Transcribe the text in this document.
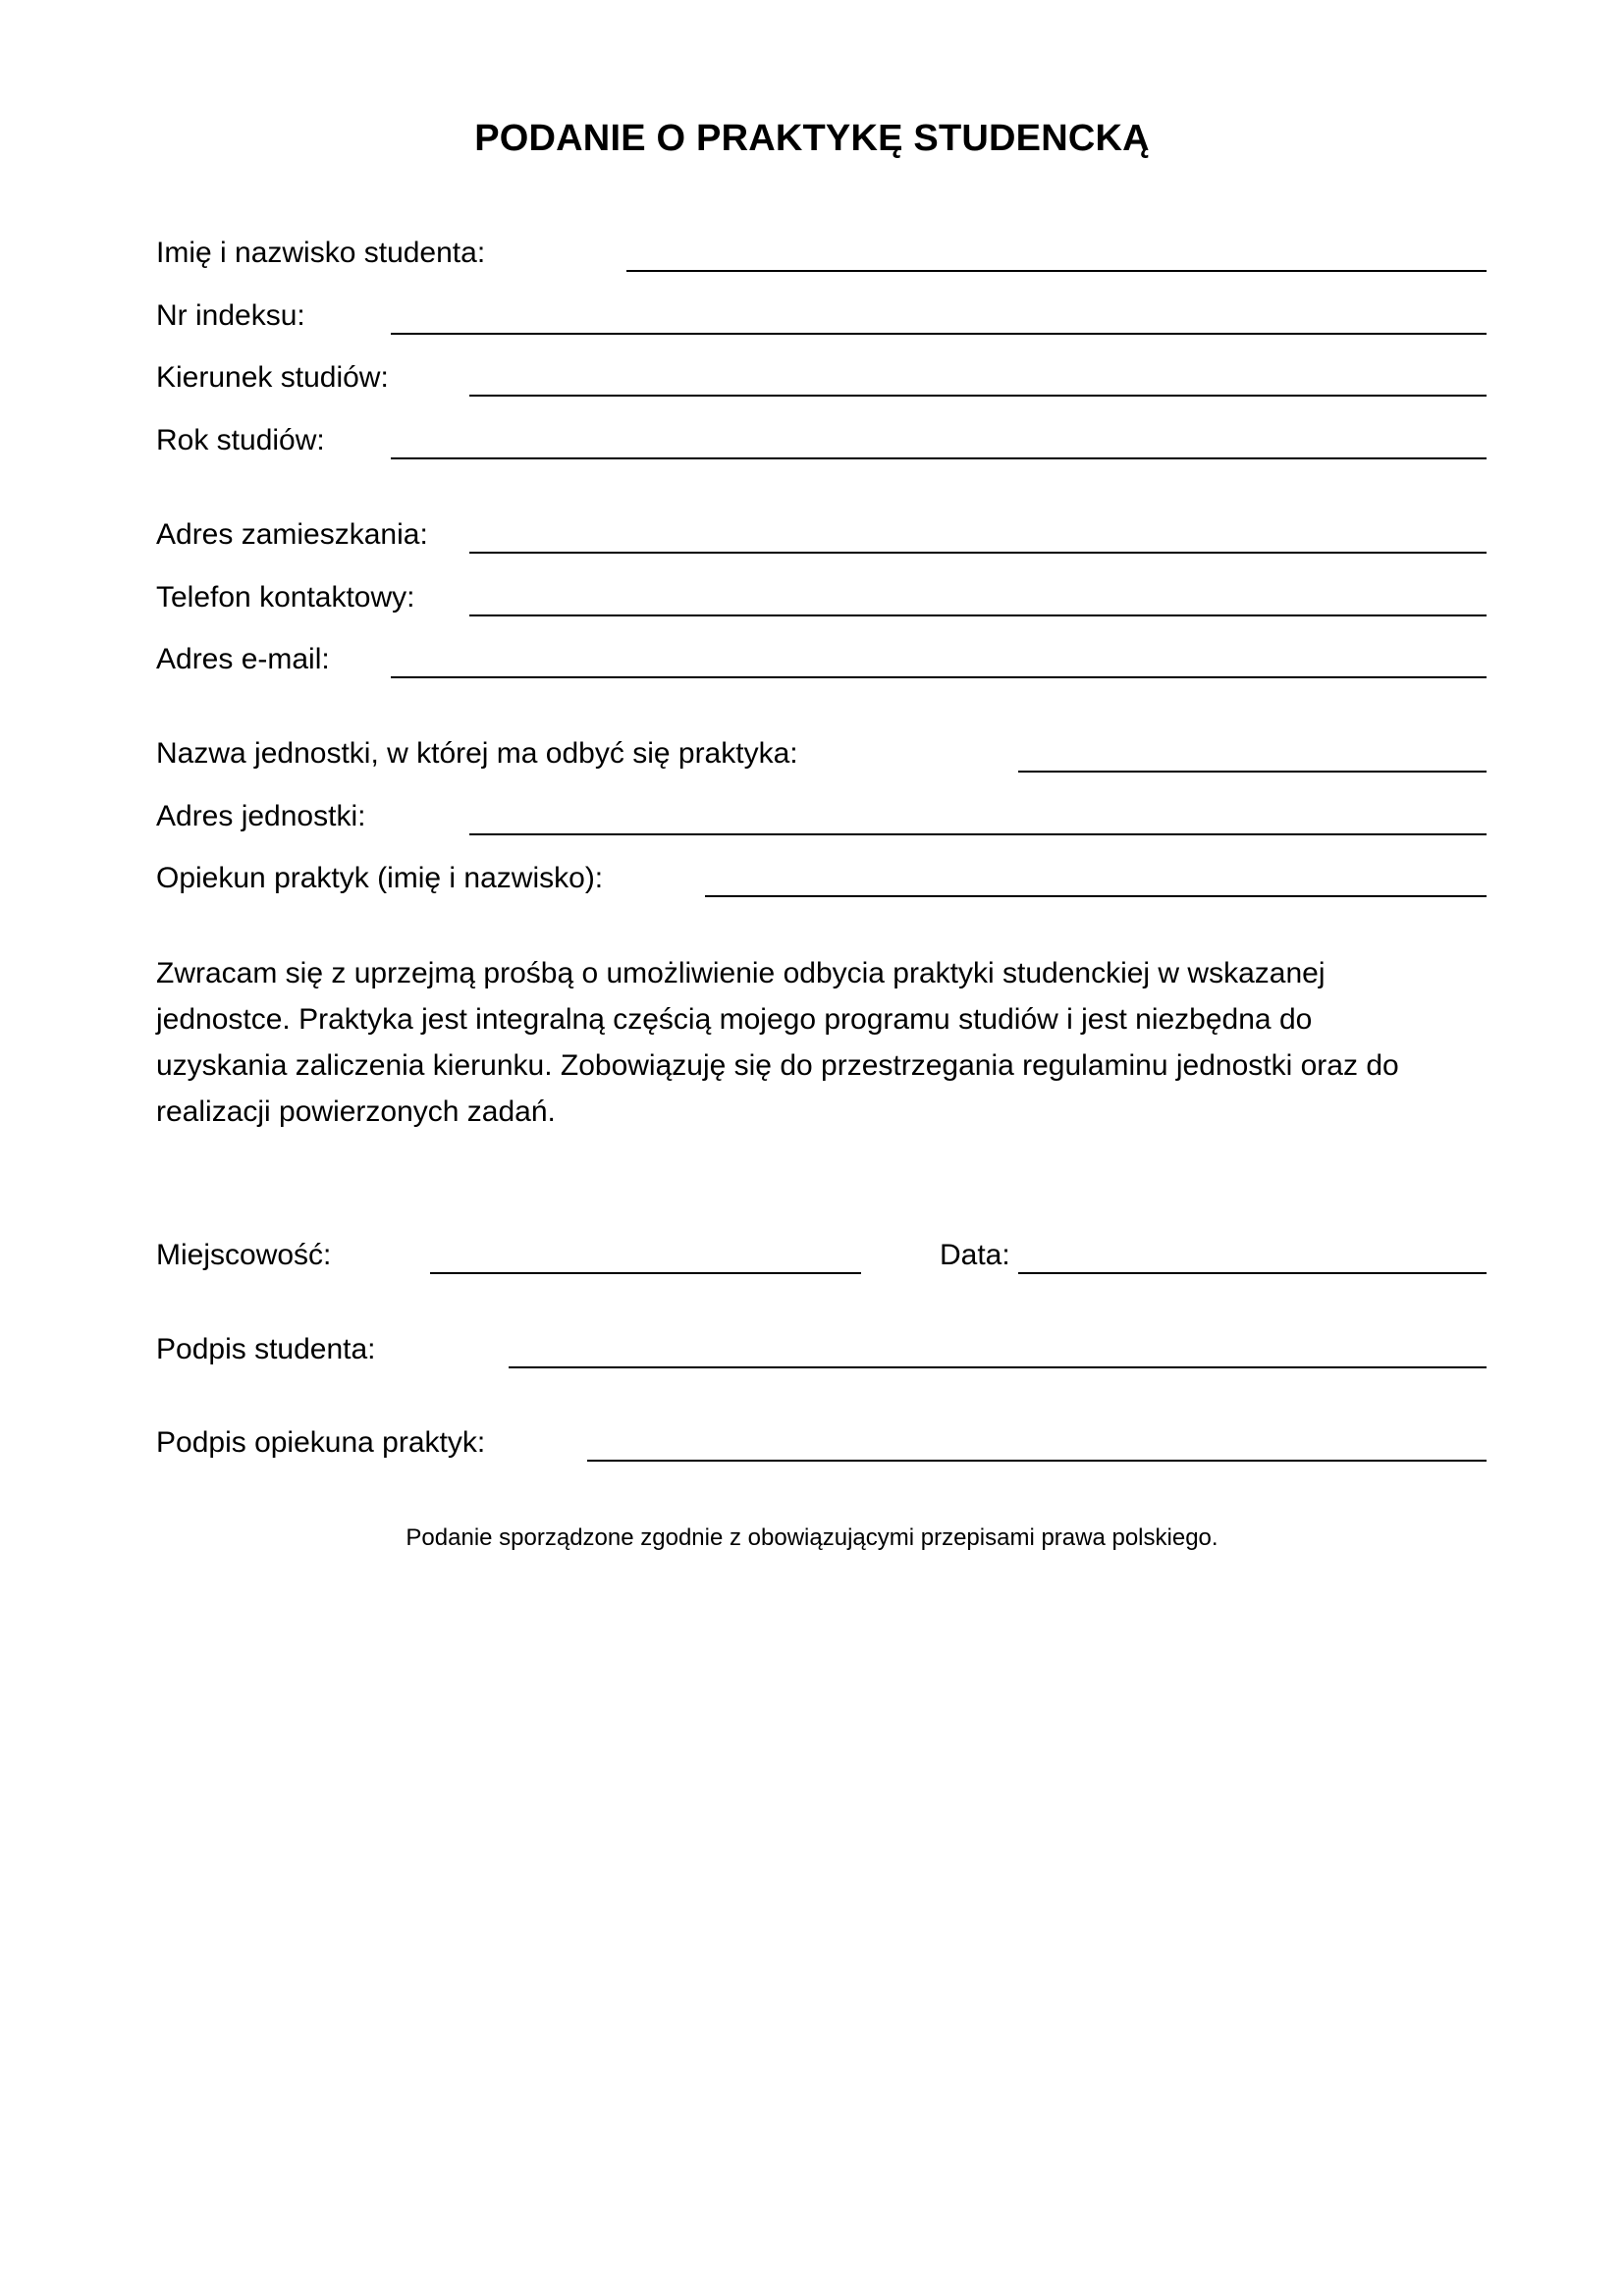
PODANIE O PRAKTYKĘ STUDENCKĄ
Imię i nazwisko studenta:
Nr indeksu:
Kierunek studiów:
Rok studiów:
Adres zamieszkania:
Telefon kontaktowy:
Adres e-mail:
Nazwa jednostki, w której ma odbyć się praktyka:
Adres jednostki:
Opiekun praktyk (imię i nazwisko):
Zwracam się z uprzejmą prośbą o umożliwienie odbycia praktyki studenckiej w wskazanej
jednostce. Praktyka jest integralną częścią mojego programu studiów i jest niezbędna do
uzyskania zaliczenia kierunku. Zobowiązuję się do przestrzegania regulaminu jednostki oraz do
realizacji powierzonych zadań.
Miejscowość:	Data:
Podpis studenta:
Podpis opiekuna praktyk:
Podanie sporządzone zgodnie z obowiązującymi przepisami prawa polskiego.
